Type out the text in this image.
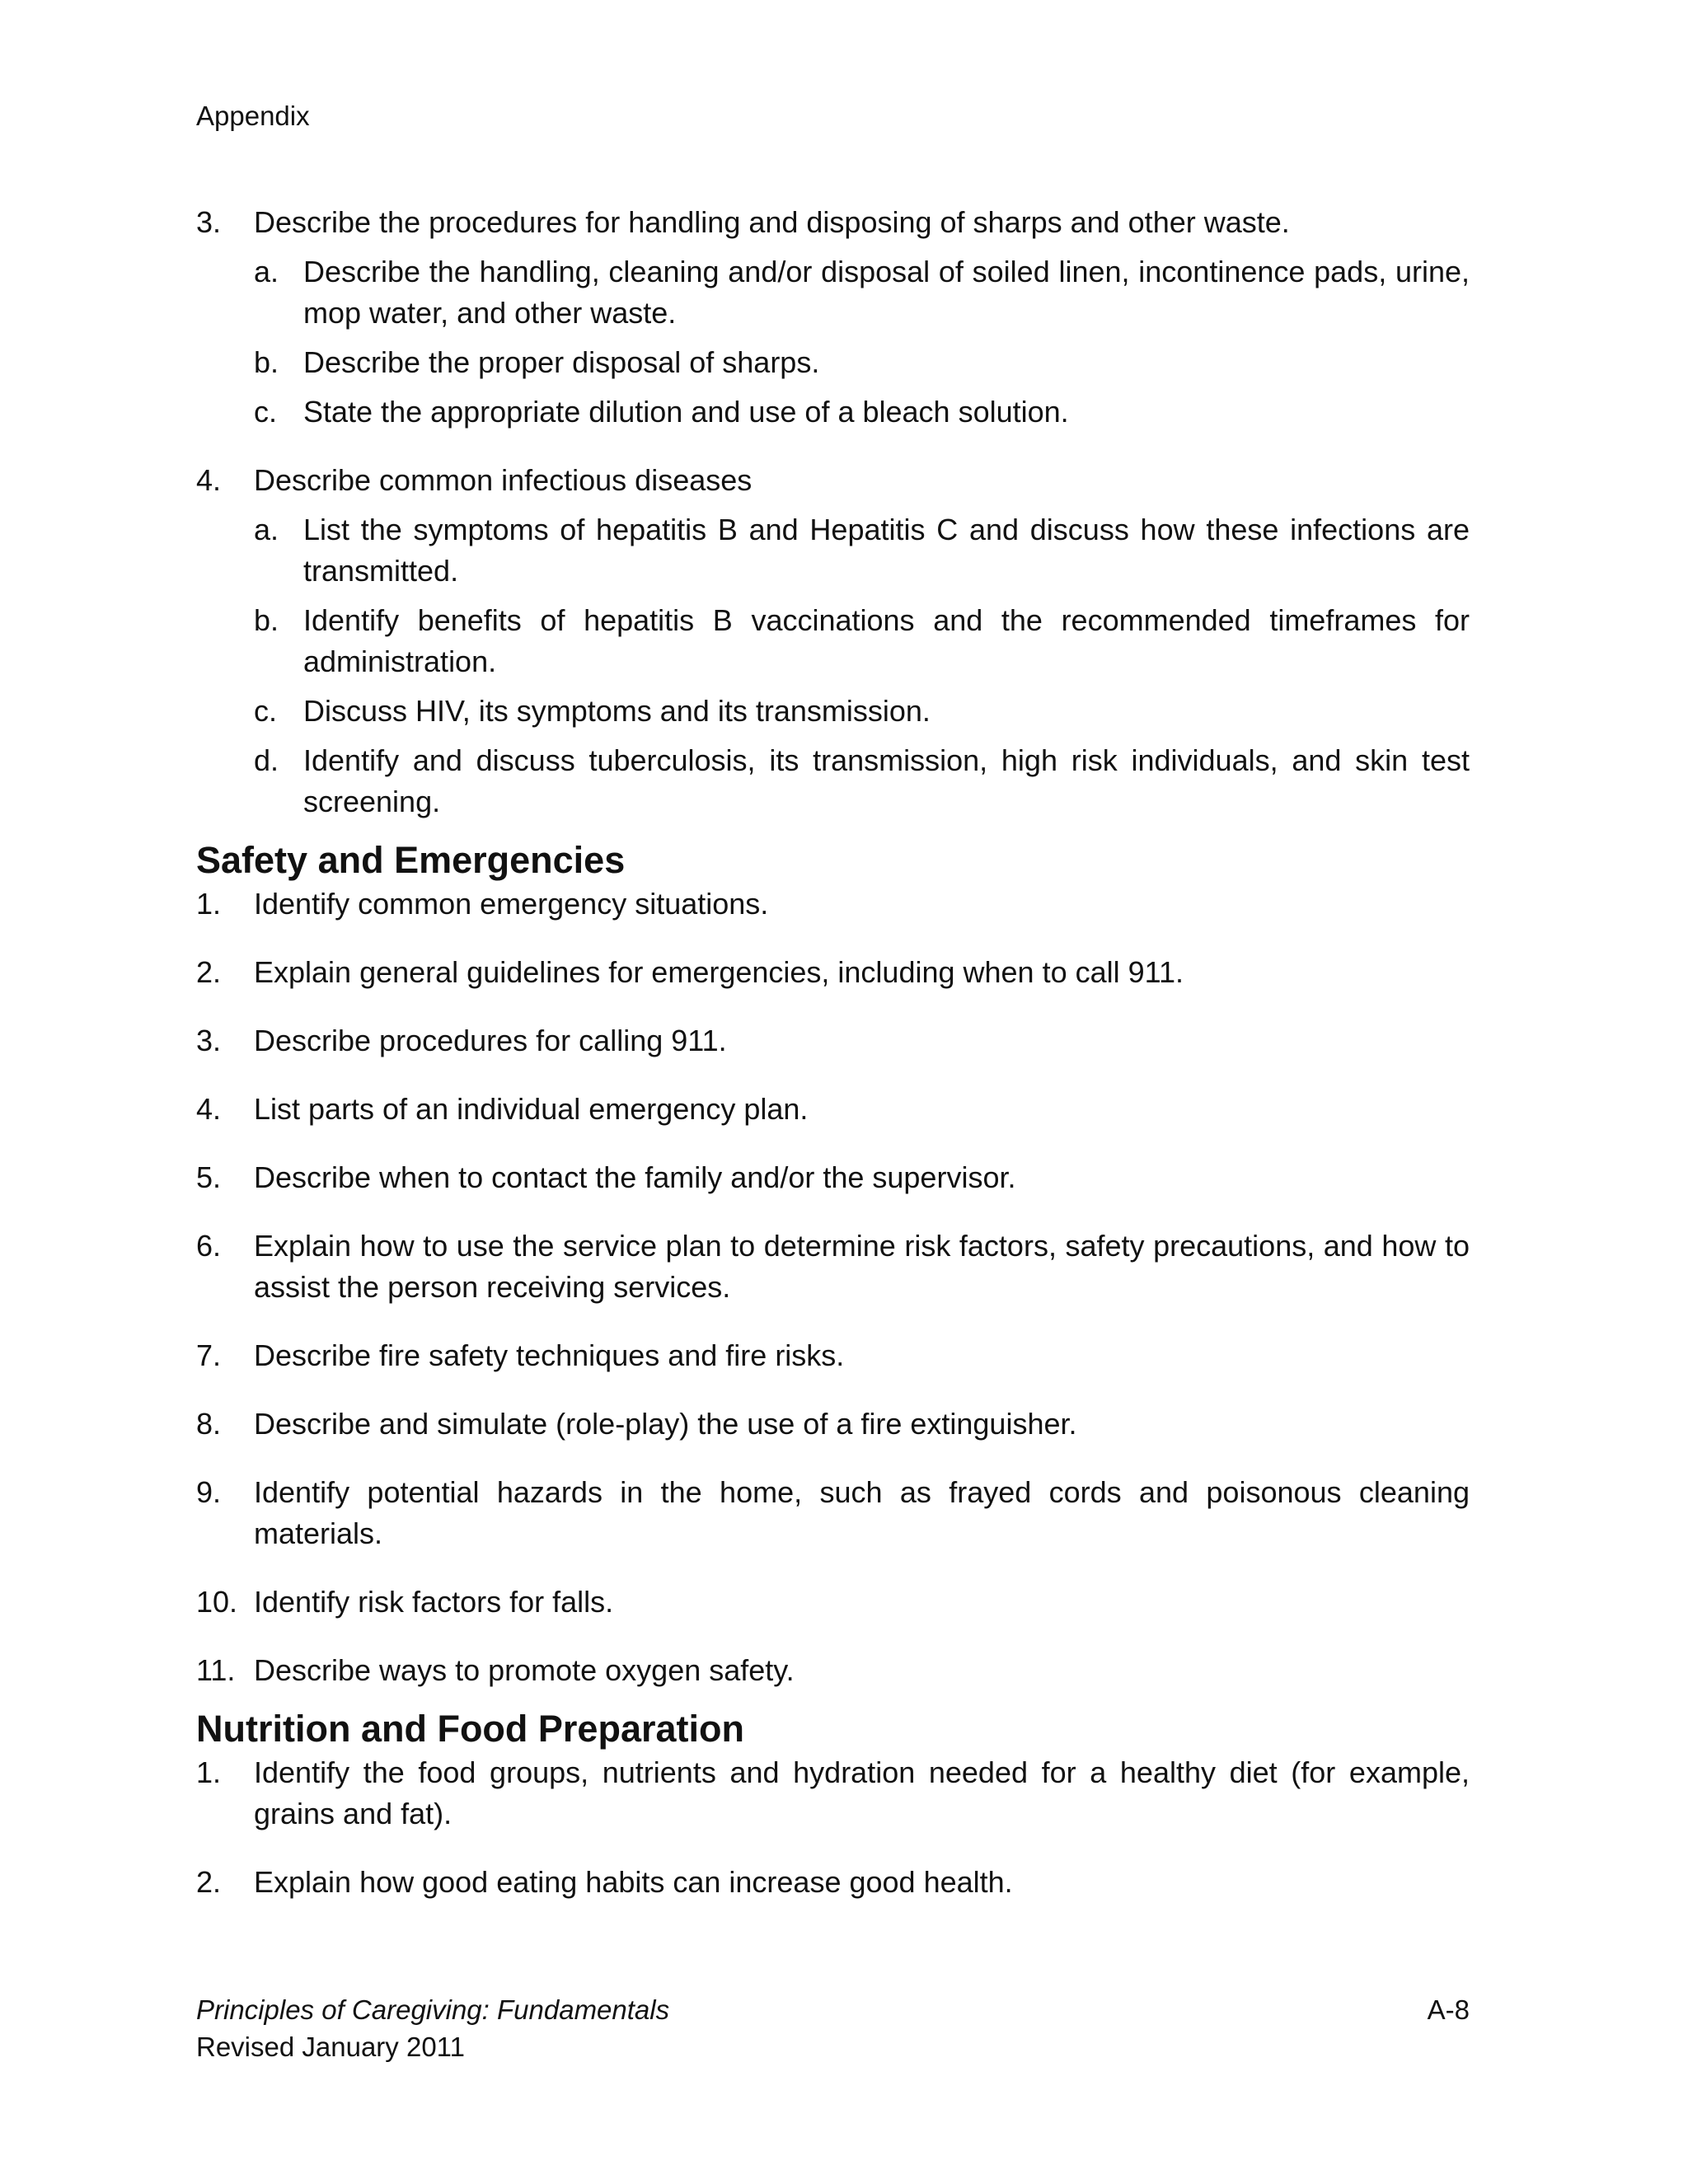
Appendix
3. Describe the procedures for handling and disposing of sharps and other waste.
a. Describe the handling, cleaning and/or disposal of soiled linen, incontinence pads, urine, mop water, and other waste.
b. Describe the proper disposal of sharps.
c. State the appropriate dilution and use of a bleach solution.
4. Describe common infectious diseases
a. List the symptoms of hepatitis B and Hepatitis C and discuss how these infections are transmitted.
b. Identify benefits of hepatitis B vaccinations and the recommended timeframes for administration.
c. Discuss HIV, its symptoms and its transmission.
d. Identify and discuss tuberculosis, its transmission, high risk individuals, and skin test screening.
Safety and Emergencies
1. Identify common emergency situations.
2. Explain general guidelines for emergencies, including when to call 911.
3. Describe procedures for calling 911.
4. List parts of an individual emergency plan.
5. Describe when to contact the family and/or the supervisor.
6. Explain how to use the service plan to determine risk factors, safety precautions, and how to assist the person receiving services.
7. Describe fire safety techniques and fire risks.
8. Describe and simulate (role-play) the use of a fire extinguisher.
9. Identify potential hazards in the home, such as frayed cords and poisonous cleaning materials.
10. Identify risk factors for falls.
11. Describe ways to promote oxygen safety.
Nutrition and Food Preparation
1. Identify the food groups, nutrients and hydration needed for a healthy diet (for example, grains and fat).
2. Explain how good eating habits can increase good health.
Principles of Caregiving: Fundamentals
Revised January 2011
A-8
